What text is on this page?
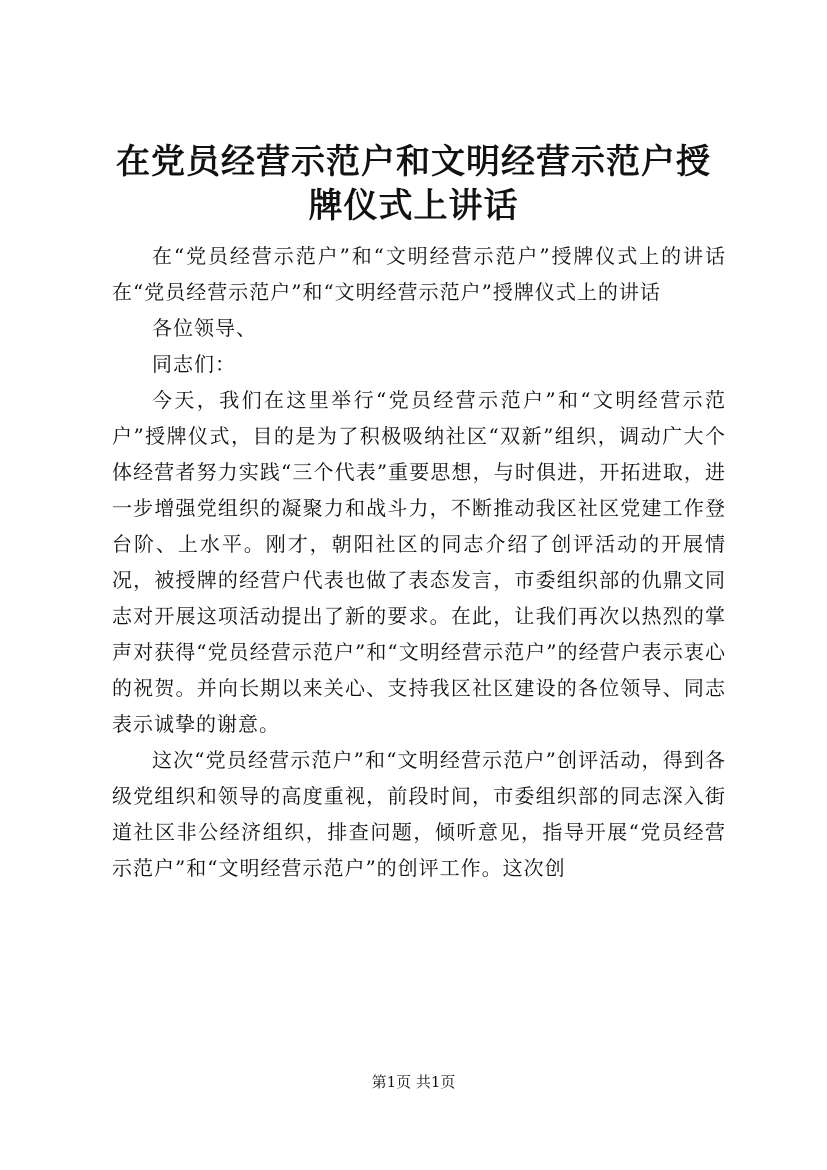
在党员经营示范户和文明经营示范户授牌仪式上讲话

在“党员经营示范户”和“文明经营示范户”授牌仪式上的讲话在“党员经营示范户”和“文明经营示范户”授牌仪式上的讲话

各位领导、

同志们：

今天，我们在这里举行“党员经营示范户”和“文明经营示范户”授牌仪式，目的是为了积极吸纳社区“双新”组织，调动广大个体经营者努力实践“三个代表”重要思想，与时俱进，开拓进取，进一步增强党组织的凝聚力和战斗力，不断推动我区社区党建工作登台阶、上水平。刚才，朝阳社区的同志介绍了创评活动的开展情况，被授牌的经营户代表也做了表态发言，市委组织部的仇鼎文同志对开展这项活动提出了新的要求。在此，让我们再次以热烈的掌声对获得“党员经营示范户”和“文明经营示范户”的经营户表示衷心的祝贺。并向长期以来关心、支持我区社区建设的各位领导、同志表示诚挚的谢意。

这次“党员经营示范户”和“文明经营示范户”创评活动，得到各级党组织和领导的高度重视，前段时间，市委组织部的同志深入街道社区非公经济组织，排查问题，倾听意见，指导开展“党员经营示范户”和“文明经营示范户”的创评工作。这次创

第1页 共1页
